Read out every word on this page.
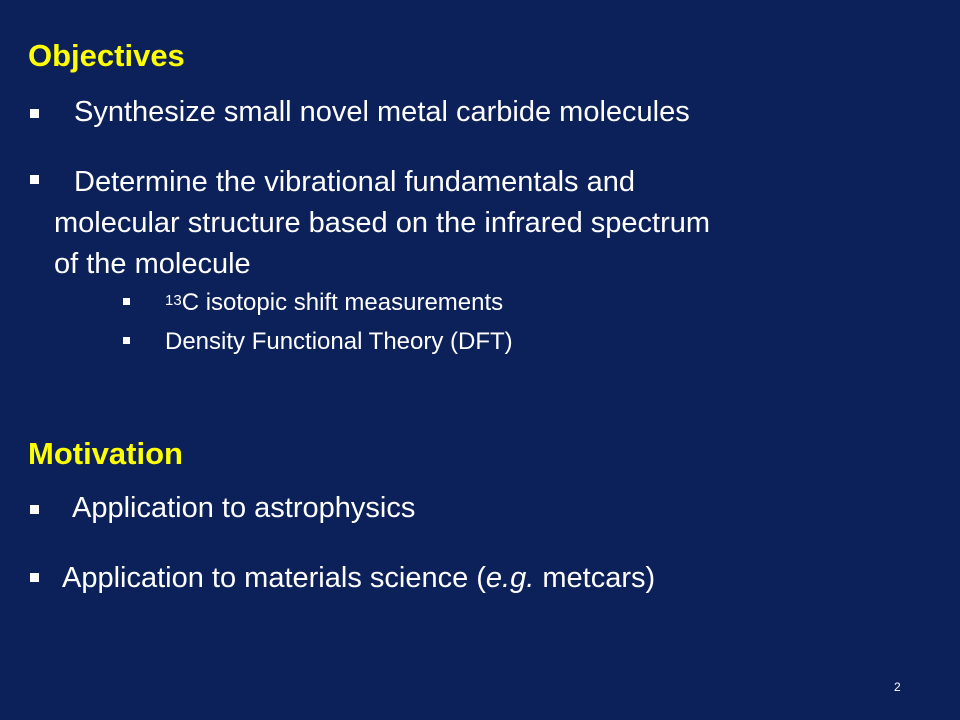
Objectives
Synthesize small novel metal carbide molecules
Determine the vibrational fundamentals and
molecular structure based on the infrared spectrum
of the molecule
$^{13}$C isotopic shift measurements
Density Functional Theory (DFT)
Motivation
Application to astrophysics
Application to materials science (e.g. metcars)
2
